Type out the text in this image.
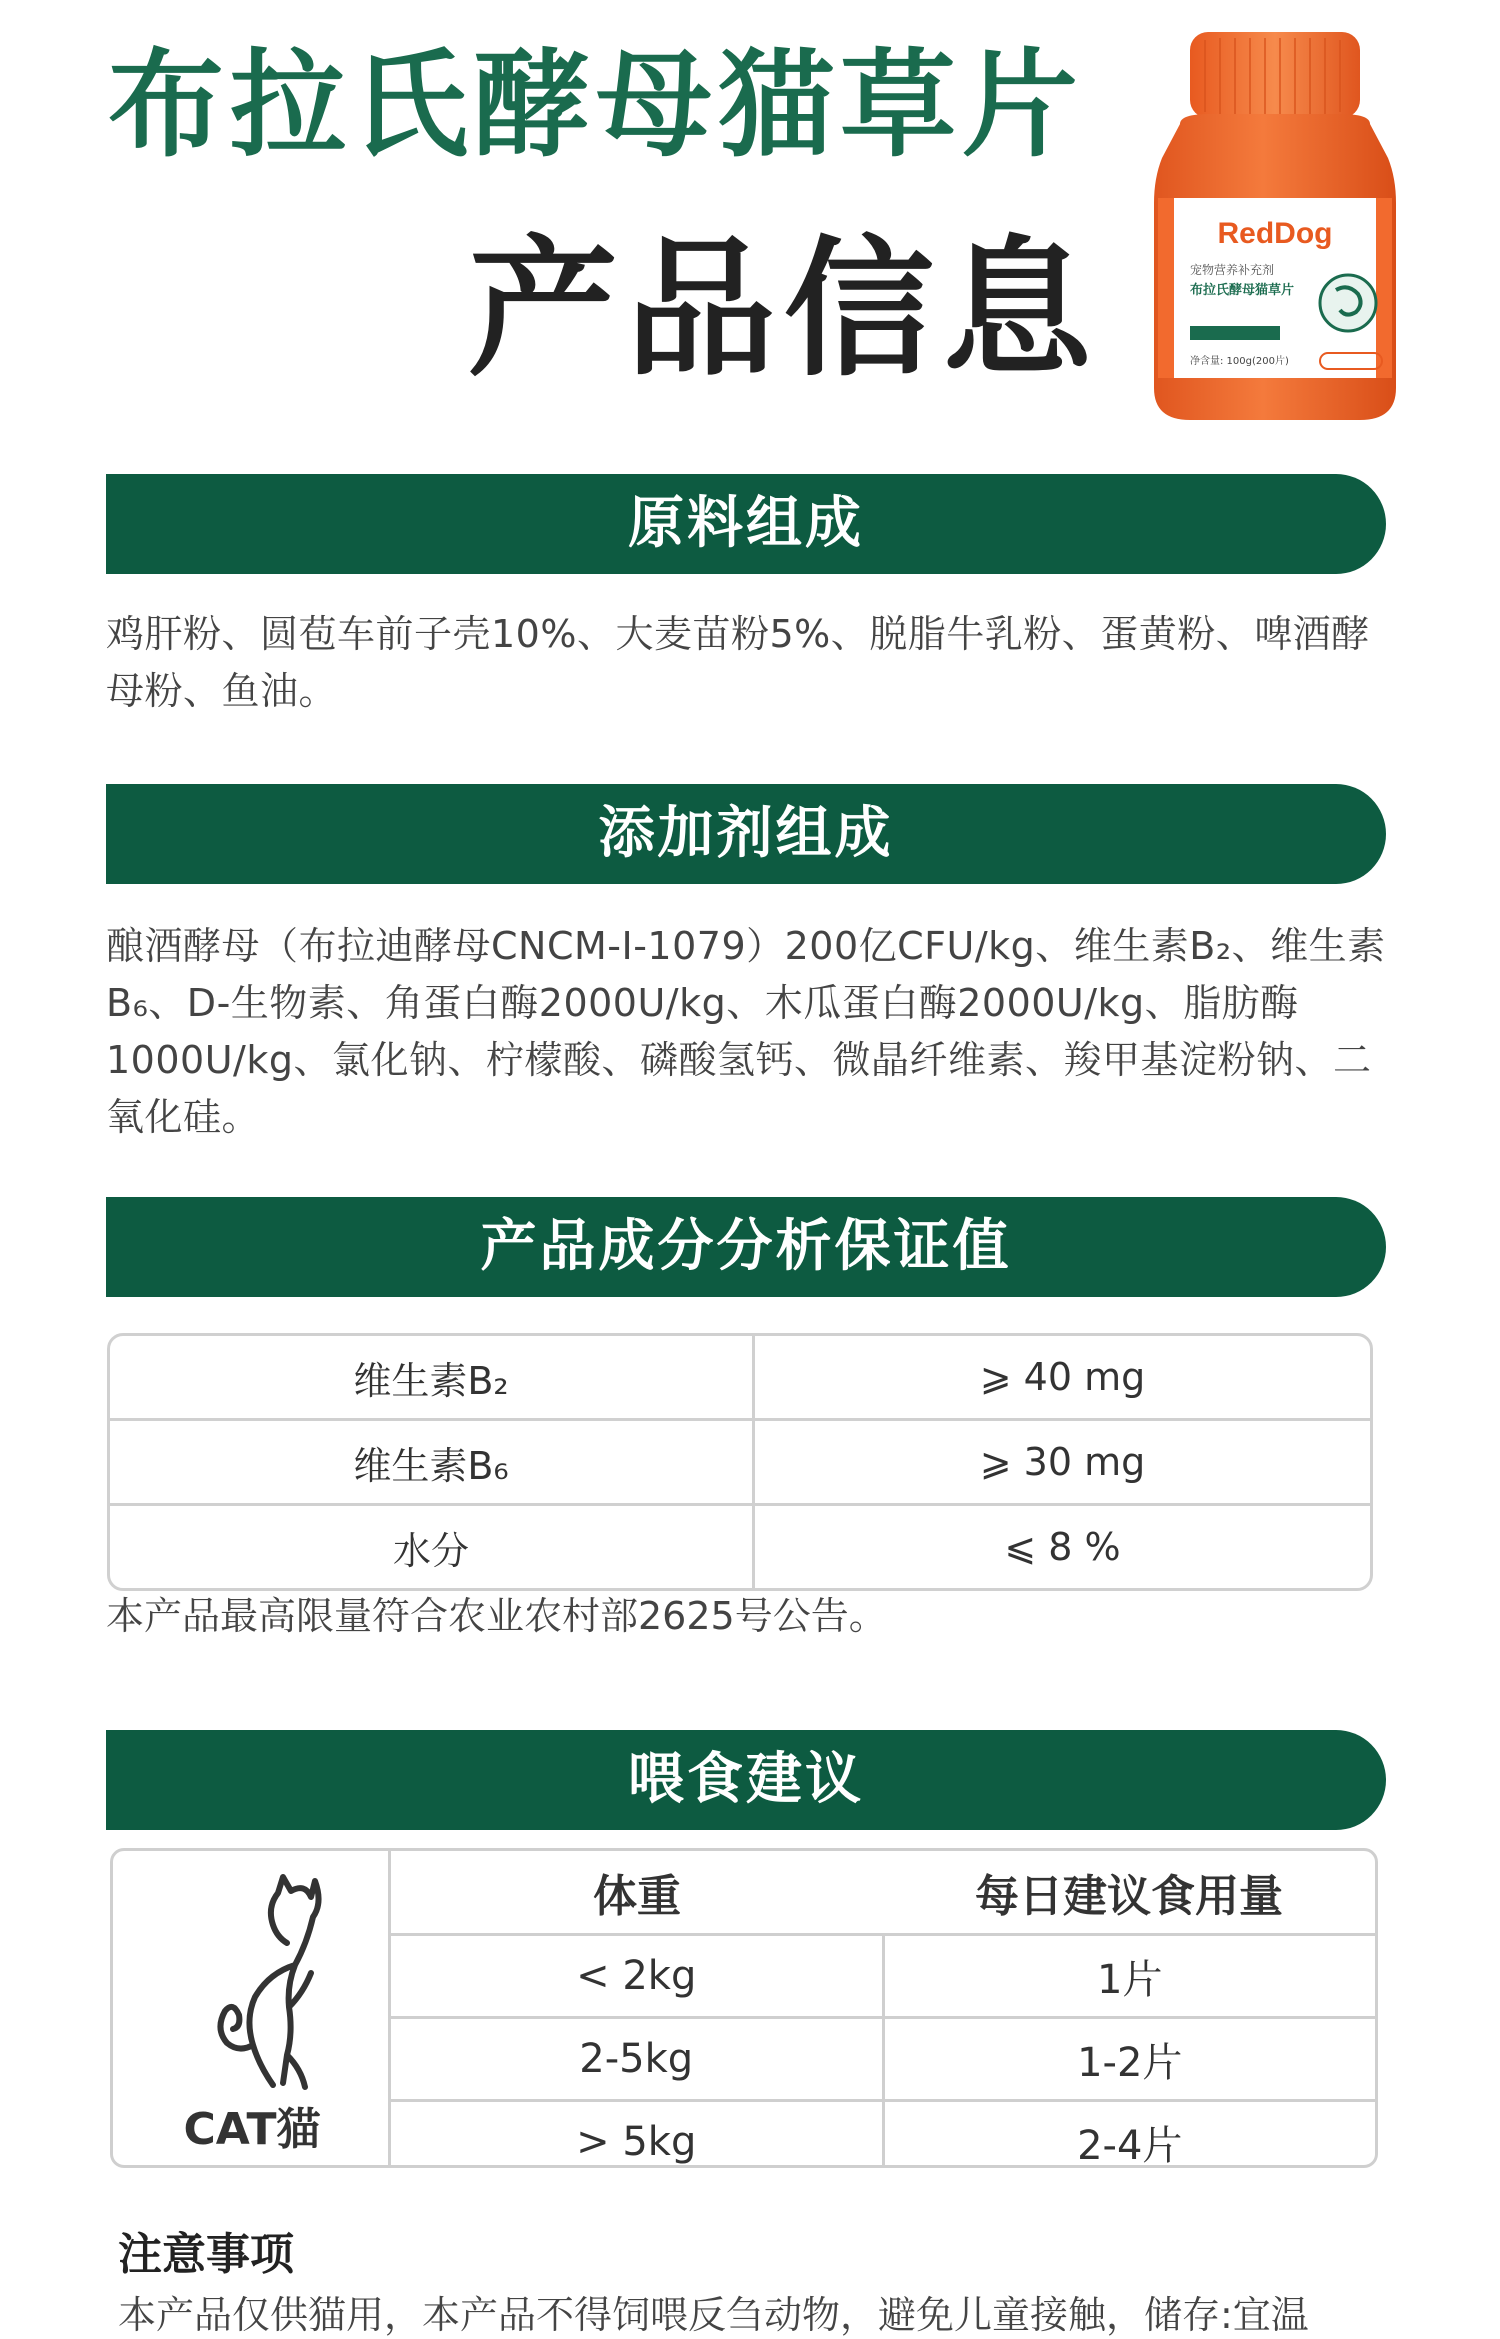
布拉氏酵母猫草片
产品信息	RedDog
宠物营养补充剂
布拉氏酵母猫草片
净含量: 100g(200片)
原料组成

鸡肝粉、圆苞车前子壳10%、大麦苗粉5%、脱脂牛乳粉、蛋黄粉、啤酒酵母粉、鱼油。

添加剂组成

酿酒酵母（布拉迪酵母CNCM-I-1079）200亿CFU/kg、维生素B₂、维生素B₆、D-生物素、角蛋白酶2000U/kg、木瓜蛋白酶2000U/kg、脂肪酶1000U/kg、氯化钠、柠檬酸、磷酸氢钙、微晶纤维素、羧甲基淀粉钠、二氧化硅。

产品成分分析保证值
维生素B₂	⩾ 40 mg
维生素B₆	⩾ 30 mg
水分	⩽ 8 %

本产品最高限量符合农业农村部2625号公告。

喂食建议
CAT猫
体重	每日建议食用量
< 2kg	1片
2-5kg	1-2片
> 5kg	2-4片
注意事项

本产品仅供猫用，本产品不得饲喂反刍动物，避免儿童接触，储存:宜温
